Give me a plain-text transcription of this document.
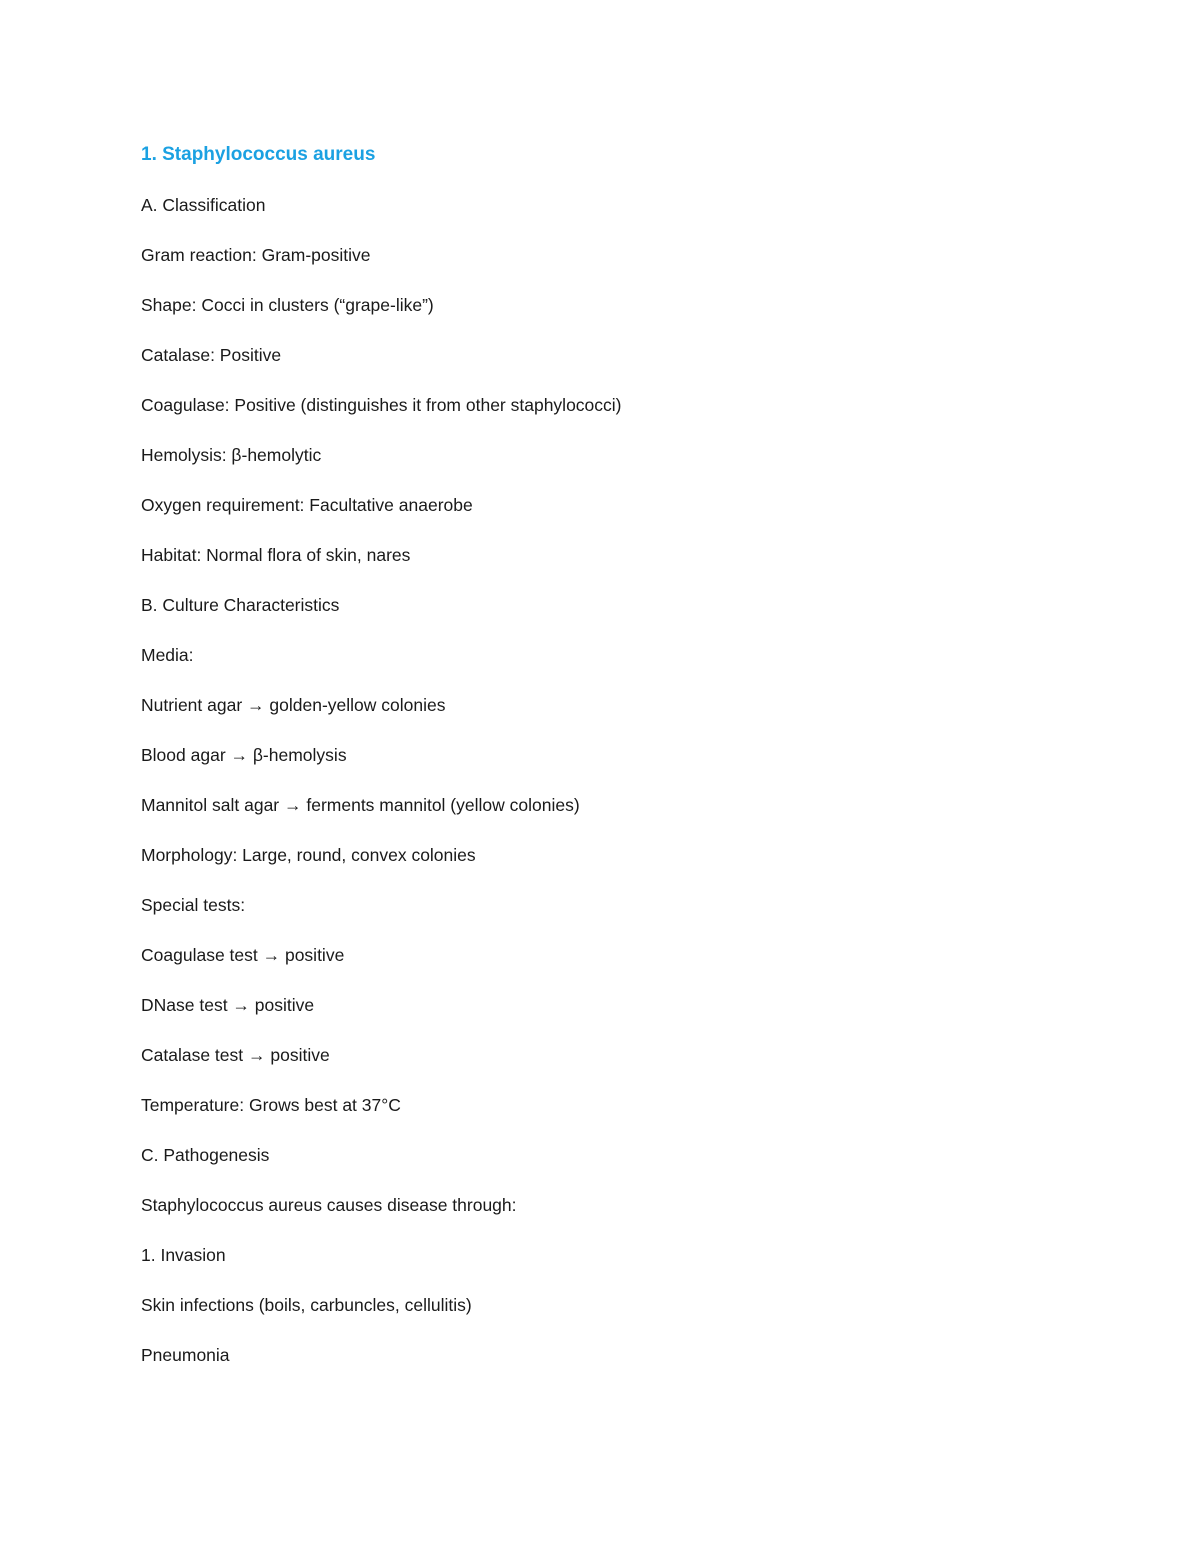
1. Staphylococcus aureus
A. Classification
Gram reaction: Gram-positive
Shape: Cocci in clusters (“grape-like”)
Catalase: Positive
Coagulase: Positive (distinguishes it from other staphylococci)
Hemolysis: β-hemolytic
Oxygen requirement: Facultative anaerobe
Habitat: Normal flora of skin, nares
B. Culture Characteristics
Media:
Nutrient agar → golden-yellow colonies
Blood agar → β-hemolysis
Mannitol salt agar → ferments mannitol (yellow colonies)
Morphology: Large, round, convex colonies
Special tests:
Coagulase test → positive
DNase test → positive
Catalase test → positive
Temperature: Grows best at 37°C
C. Pathogenesis
Staphylococcus aureus causes disease through:
1. Invasion
Skin infections (boils, carbuncles, cellulitis)
Pneumonia
